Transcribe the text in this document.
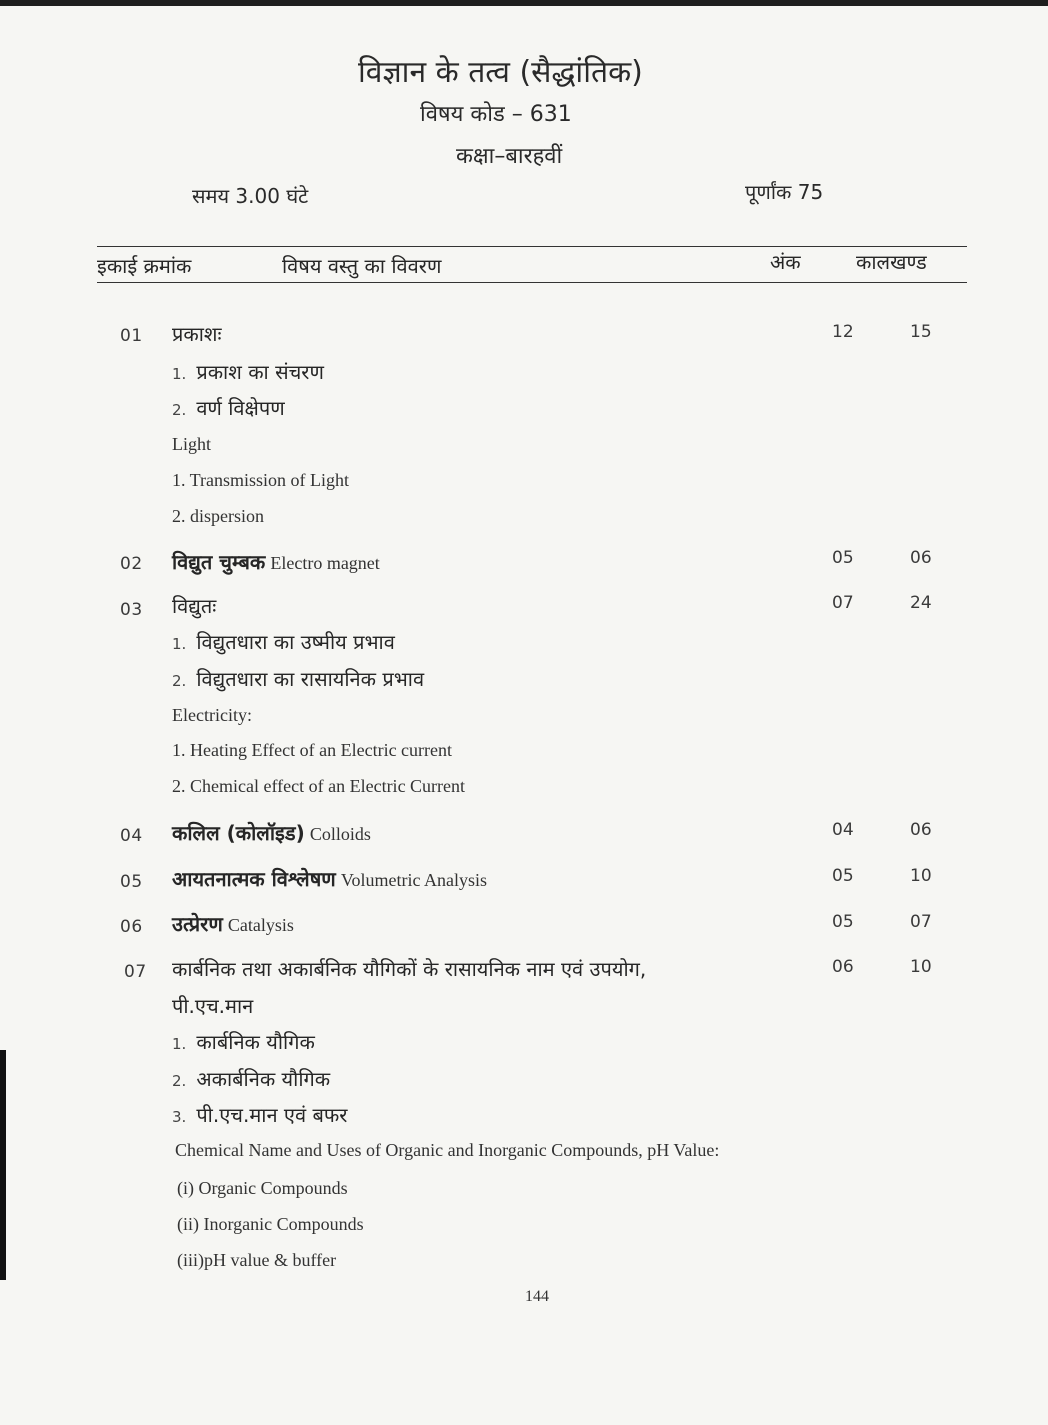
विज्ञान के तत्व (सैद्धांतिक)
विषय कोड – 631
कक्षा–बारहवीं
समय 3.00 घंटे	पूर्णांक 75
इकाई क्रमांक	विषय वस्तु का विवरण	अंक	कालखण्ड
01 प्रकाशः	12	15
1. प्रकाश का संचरण
2. वर्ण विक्षेपण
Light
1. Transmission of Light
2. dispersion
02 विद्युत चुम्बक Electro magnet	05	06
03 विद्युतः	07	24
1. विद्युतधारा का उष्मीय प्रभाव
2. विद्युतधारा का रासायनिक प्रभाव
Electricity:
1. Heating Effect of an Electric current
2. Chemical effect of an Electric Current
04 कलिल (कोलॉइड) Colloids	04	06
05 आयतनात्मक विश्लेषण Volumetric Analysis	05	10
06 उत्प्रेरण Catalysis	05	07
07 कार्बनिक तथा अकार्बनिक यौगिकों के रासायनिक नाम एवं उपयोग,	06	10
पी.एच.मान
1. कार्बनिक यौगिक
2. अकार्बनिक यौगिक
3. पी.एच.मान एवं बफर
Chemical Name and Uses of Organic and Inorganic Compounds, pH Value:
(i) Organic Compounds
(ii) Inorganic Compounds
(iii)pH value & buffer
144
